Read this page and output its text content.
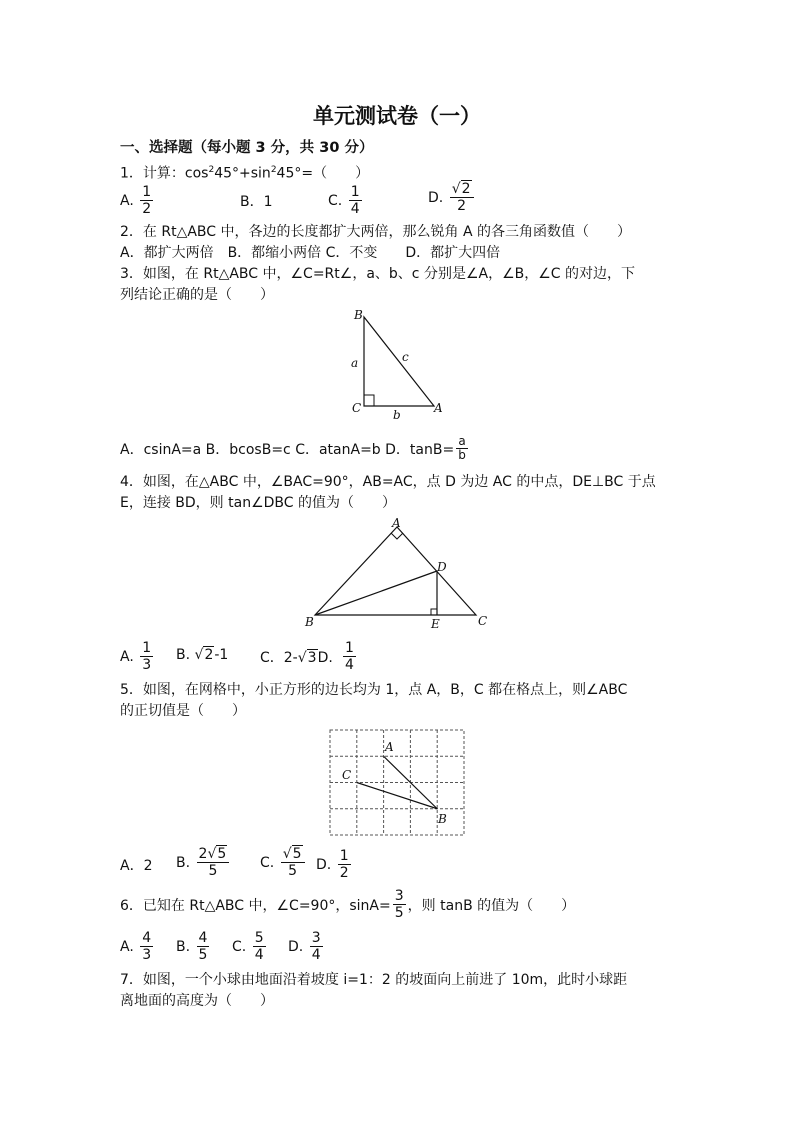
单元测试卷（一）
一、选择题（每小题 3 分，共 30 分）
1．计算：$\cos^245^\circ+\sin^245^\circ=$（　　）
A. $\frac{1}{2}$	B．1	C. $\frac{1}{4}$	D. $\frac{√2}{2}$
2．在 Rt△ABC 中，各边的长度都扩大两倍，那么锐角 A 的各三角函数值（　　）
A．都扩大两倍　B．都缩小两倍 C．不变　　D．都扩大四倍
3．如图，在 Rt△ABC 中，∠C=Rt∠，a、b、c 分别是∠A，∠B，∠C 的对边，下
列结论正确的是（　　）
B
a	c
C	b	A
A．csinA=a B．bcosB=c C．atanA=b D．$\tan B= \frac{a}{b}$
4．如图，在△ABC 中，∠BAC=90°，AB=AC，点 D 为边 AC 的中点，DE⊥BC 于点
E，连接 BD，则 tan∠DBC 的值为（　　）
A
B	C
D
E
A. $\frac{1}{3} B$. √2-1 C．2-√3D. $\frac{1}{4}$
5．如图，在网格中，小正方形的边长均为 1，点 A，B，C 都在格点上，则∠ABC
的正切值是（　　）
A
C
B
A．2 B. $\frac{2√5}{5} C$. $\frac{√5}{5} D$. $\frac{1}{2}$
6．已知在 Rt△ABC 中，∠C=90°，$\sin A= \frac{3}{5}$ ，则 tanB 的值为（　　）
A. $\frac{4}{3} B$. $\frac{4}{5} C$. $\frac{5}{4} D$. $\frac{3}{4}$
7．如图，一个小球由地面沿着坡度 i=1：2 的坡面向上前进了 10m，此时小球距
离地面的高度为（　　）
